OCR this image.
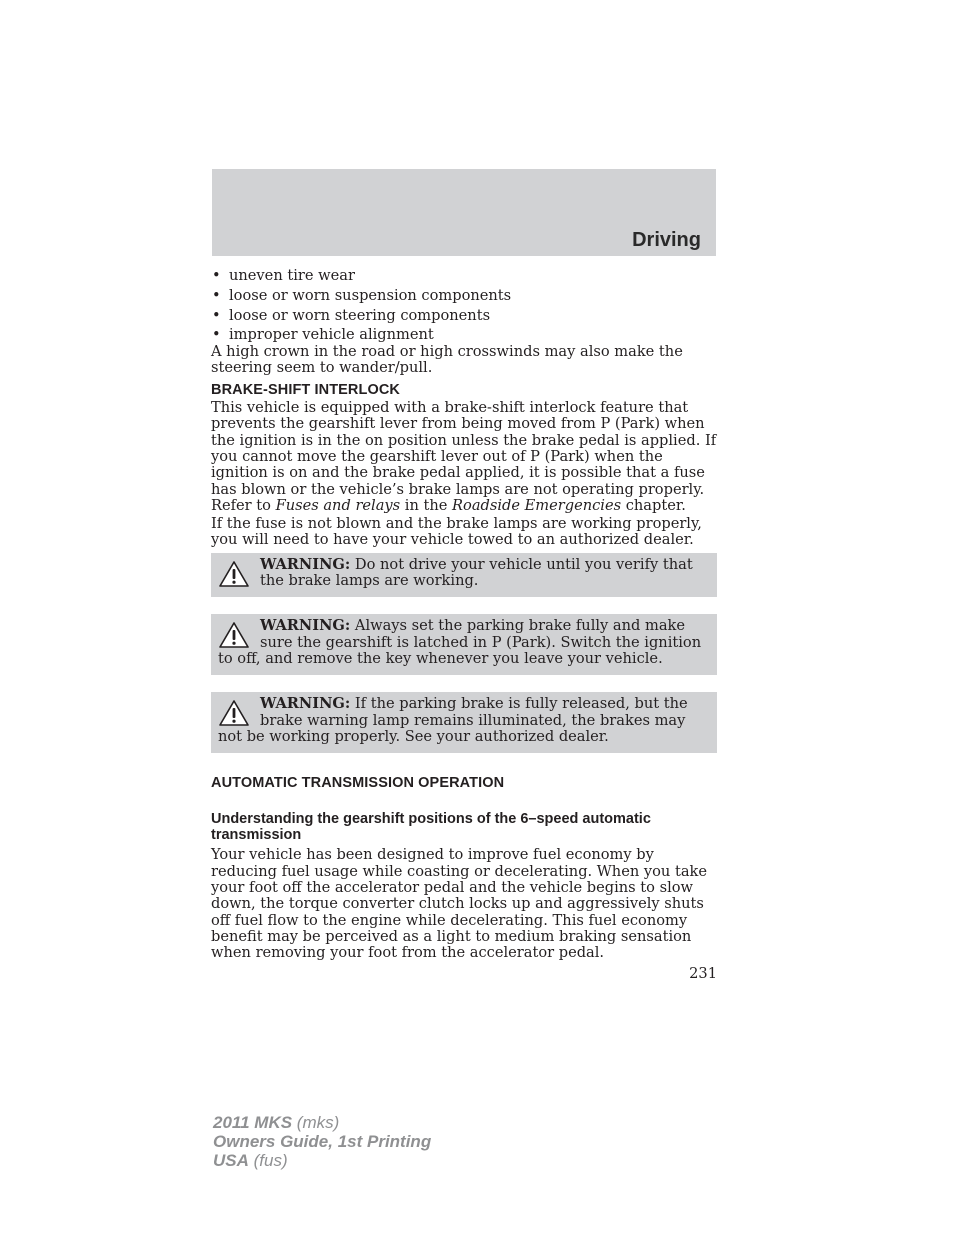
Driving
• uneven tire wear
• loose or worn suspension components
• loose or worn steering components
• improper vehicle alignment

A high crown in the road or high crosswinds may also make the steering seem to wander/pull.

BRAKE-SHIFT INTERLOCK

This vehicle is equipped with a brake-shift interlock feature that prevents the gearshift lever from being moved from P (Park) when the ignition is in the on position unless the brake pedal is applied. If you cannot move the gearshift lever out of P (Park) when the ignition is on and the brake pedal applied, it is possible that a fuse has blown or the vehicle’s brake lamps are not operating properly. Refer to Fuses and relays in the Roadside Emergencies chapter.

If the fuse is not blown and the brake lamps are working properly, you will need to have your vehicle towed to an authorized dealer.

WARNING: Do not drive your vehicle until you verify that the brake lamps are working.
WARNING: Always set the parking brake fully and make sure the gearshift is latched in P (Park). Switch the ignition to off, and remove the key whenever you leave your vehicle.
WARNING: If the parking brake is fully released, but the brake warning lamp remains illuminated, the brakes may not be working properly. See your authorized dealer.
AUTOMATIC TRANSMISSION OPERATION
Understanding the gearshift positions of the 6–speed automatic transmission

Your vehicle has been designed to improve fuel economy by reducing fuel usage while coasting or decelerating. When you take your foot off the accelerator pedal and the vehicle begins to slow down, the torque converter clutch locks up and aggressively shuts off fuel flow to the engine while decelerating. This fuel economy benefit may be perceived as a light to medium braking sensation when removing your foot from the accelerator pedal.

231
2011 MKS (mks)
Owners Guide, 1st Printing
USA (fus)
